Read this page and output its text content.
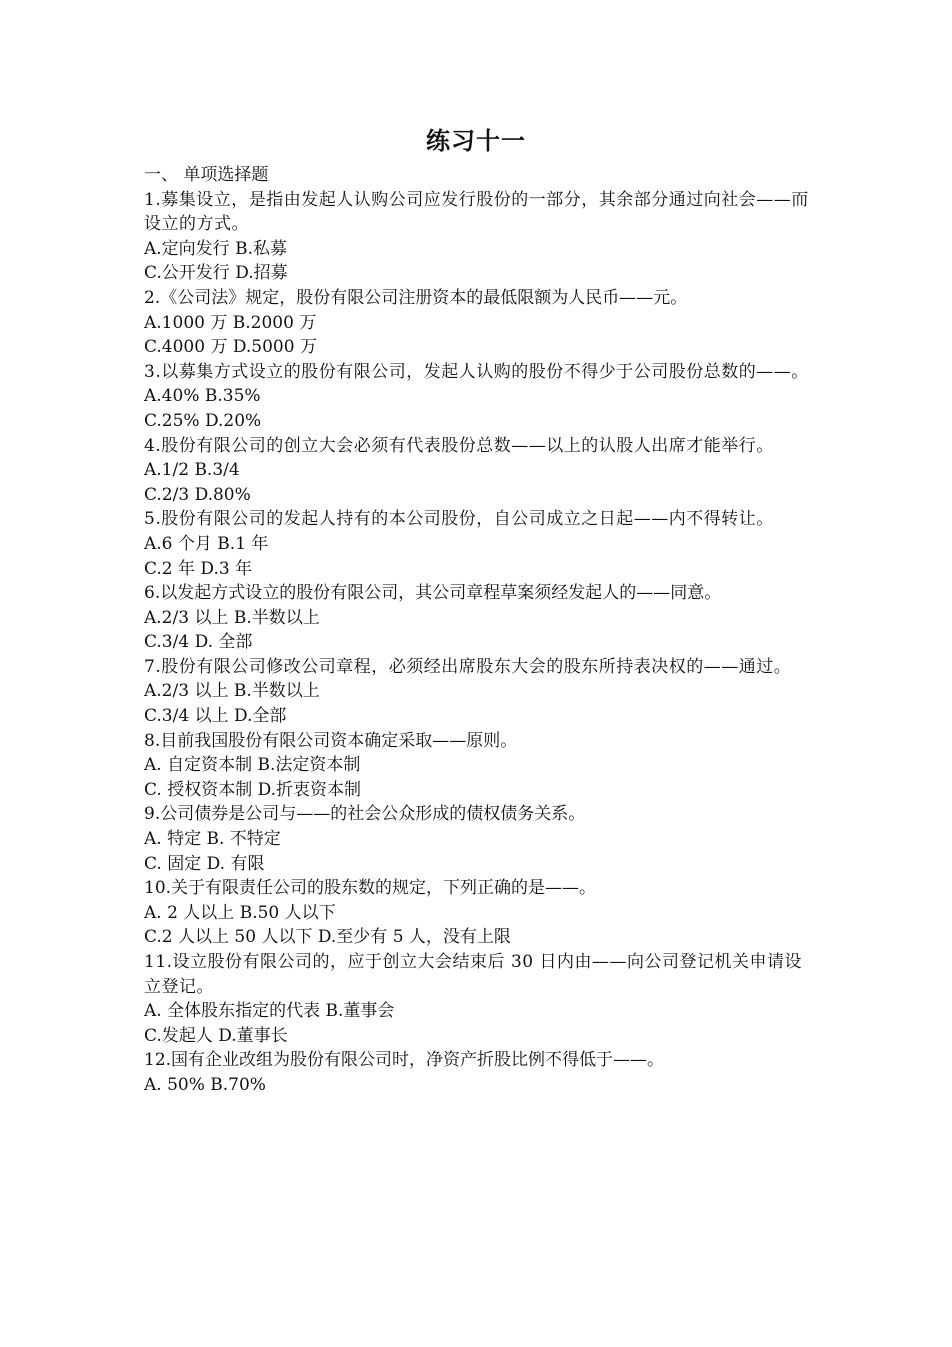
练习十一
一、 单项选择题
1.募集设立，是指由发起人认购公司应发行股份的一部分，其余部分通过向社会——而设立的方式。
A.定向发行 B.私募
C.公开发行 D.招募
2.《公司法》规定，股份有限公司注册资本的最低限额为人民币——元。
A.1000 万 B.2000 万
C.4000 万 D.5000 万
3.以募集方式设立的股份有限公司，发起人认购的股份不得少于公司股份总数的——。
A.40% B.35%
C.25% D.20%
4.股份有限公司的创立大会必须有代表股份总数——以上的认股人出席才能举行。
A.1/2 B.3/4
C.2/3 D.80%
5.股份有限公司的发起人持有的本公司股份，自公司成立之日起——内不得转让。
A.6 个月 B.1 年
C.2 年 D.3 年
6.以发起方式设立的股份有限公司，其公司章程草案须经发起人的——同意。
A.2/3 以上 B.半数以上
C.3/4 D. 全部
7.股份有限公司修改公司章程，必须经出席股东大会的股东所持表决权的——通过。
A.2/3 以上 B.半数以上
C.3/4 以上 D.全部
8.目前我国股份有限公司资本确定采取——原则。
A. 自定资本制 B.法定资本制
C. 授权资本制 D.折衷资本制
9.公司债券是公司与——的社会公众形成的债权债务关系。
A. 特定 B. 不特定
C. 固定 D. 有限
10.关于有限责任公司的股东数的规定，下列正确的是——。
A. 2 人以上 B.50 人以下
C.2 人以上 50 人以下 D.至少有 5 人，没有上限
11.设立股份有限公司的，应于创立大会结束后 30 日内由——向公司登记机关申请设立登记。
A. 全体股东指定的代表 B.董事会
C.发起人 D.董事长
12.国有企业改组为股份有限公司时，净资产折股比例不得低于——。
A. 50% B.70%
